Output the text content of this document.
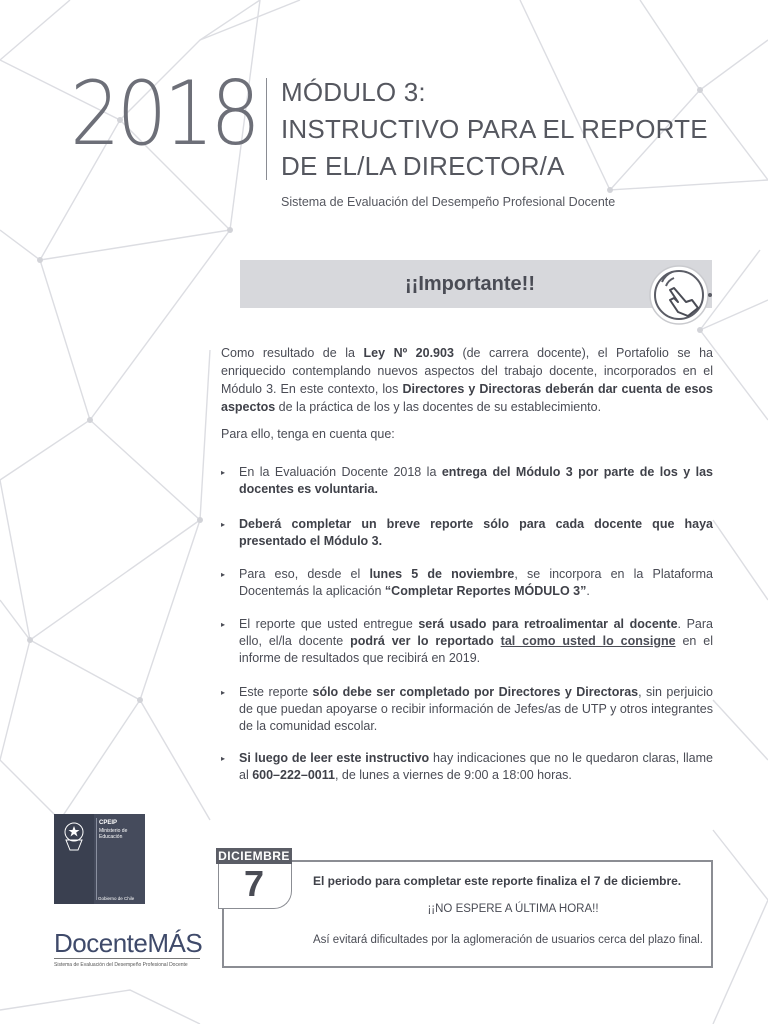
2018 MÓDULO 3:
INSTRUCTIVO PARA EL REPORTE
DE EL/LA DIRECTOR/A
Sistema de Evaluación del Desempeño Profesional Docente
¡¡Importante!!
Como resultado de la Ley Nº 20.903 (de carrera docente), el Portafolio se ha enriquecido contemplando nuevos aspectos del trabajo docente, incorporados en el Módulo 3. En este contexto, los Directores y Directoras deberán dar cuenta de esos aspectos de la práctica de los y las docentes de su establecimiento.
Para ello, tenga en cuenta que:
▸ En la Evaluación Docente 2018 la entrega del Módulo 3 por parte de los y las docentes es voluntaria.
▸ Deberá completar un breve reporte sólo para cada docente que haya presentado el Módulo 3.
▸ Para eso, desde el lunes 5 de noviembre, se incorpora en la Plataforma Docentemás la aplicación “Completar Reportes MÓDULO 3”.
▸ El reporte que usted entregue será usado para retroalimentar al docente. Para ello, el/la docente podrá ver lo reportado tal como usted lo consigne en el informe de resultados que recibirá en 2019.
▸ Este reporte sólo debe ser completado por Directores y Directoras, sin perjuicio de que puedan apoyarse o recibir información de Jefes/as de UTP y otros integrantes de la comunidad escolar.
▸ Si luego de leer este instructivo hay indicaciones que no le quedaron claras, llame al 600–222–0011, de lunes a viernes de 9:00 a 18:00 horas.
CPEIP
Ministerio de Educación
Gobierno de Chile
DocenteMÁS
Sistema de Evaluación del Desempeño Profesional Docente
DICIEMBRE
7	El periodo para completar este reporte finaliza el 7 de diciembre.
¡¡NO ESPERE A ÚLTIMA HORA!!
Así evitará dificultades por la aglomeración de usuarios cerca del plazo final.
